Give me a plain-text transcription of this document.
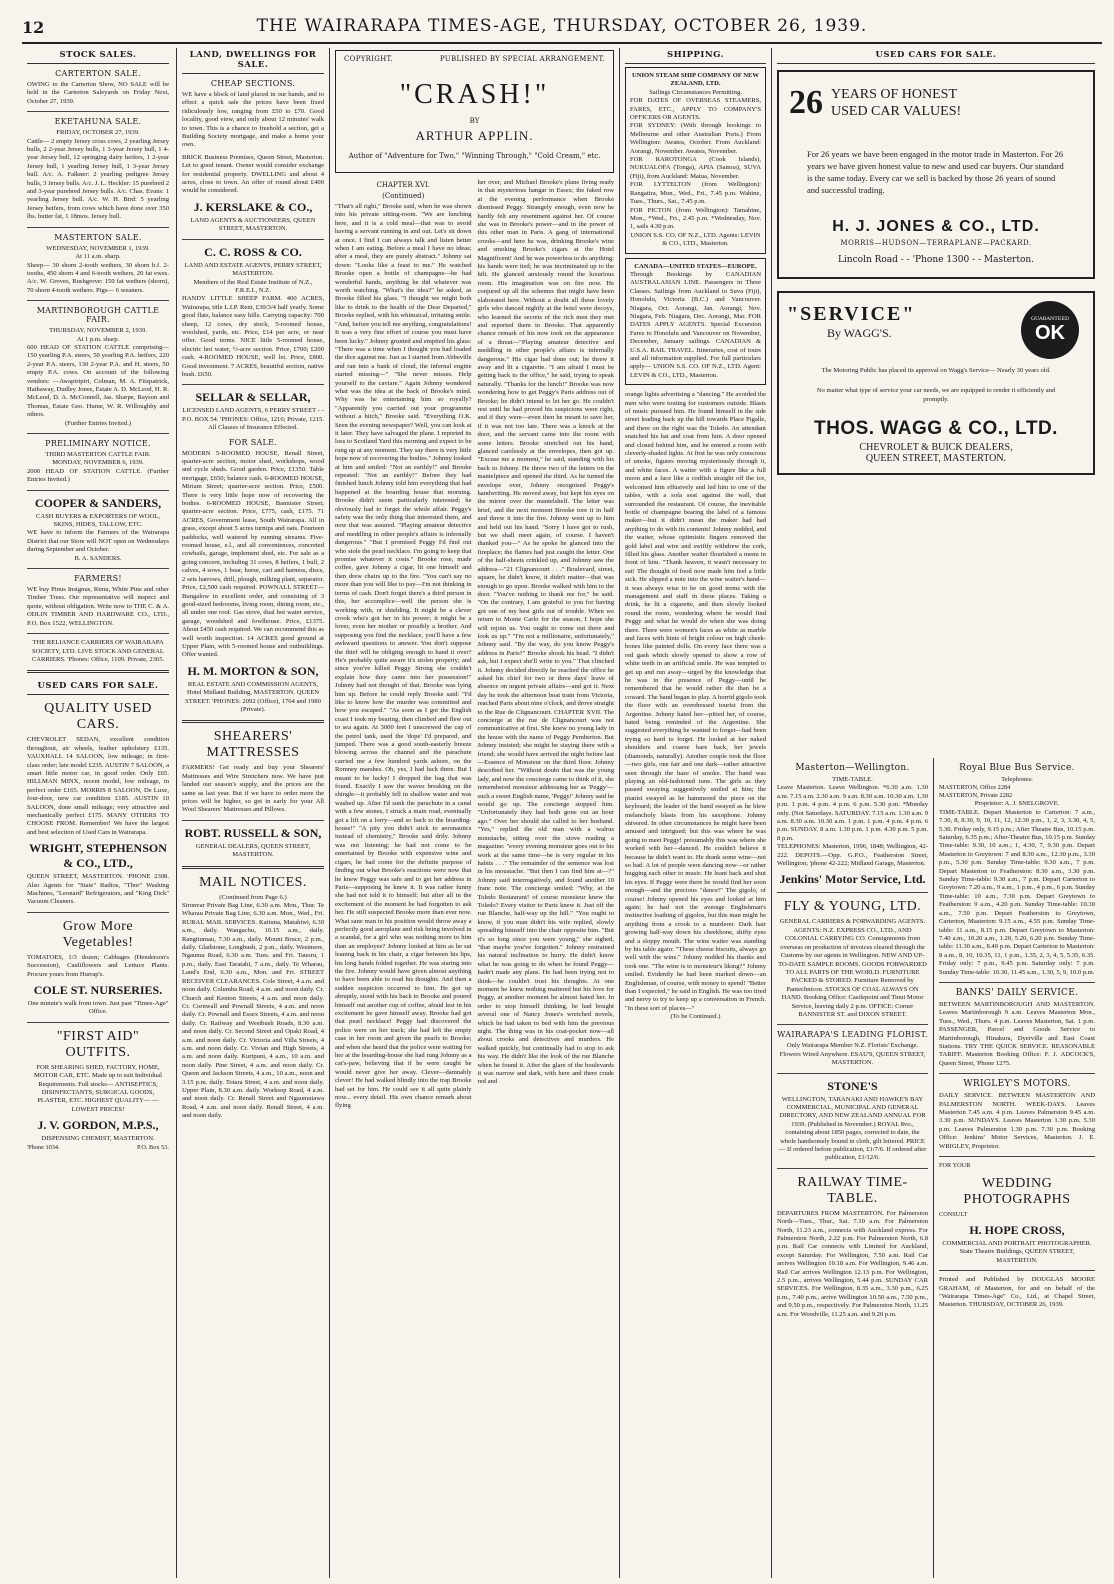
12	THE WAIRARAPA TIMES-AGE, THURSDAY, OCTOBER 26, 1939.
STOCK SALES.
CARTERTON SALE.
OWING to the Carterton Show, NO SALE will be held in the Carterton Saleyards on Friday Next, October 27, 1939.
EKETAHUNA SALE.
FRIDAY, OCTOBER 27, 1939.
Cattle— 2 empty Jersey cross cows, 2 yearling Jersey bulls, 2 2-year Jersey bulls, 1 3-year Jersey bull, 1 4-year Jersey bull, 12 springing dairy heifers, 1 2-year Jersey bull, 1 yearling Jersey bull, 1 3-year Jersey bull. A/c. A. Falkner: 2 yearling pedigree Jersey bulls, 3 Jersey bulls. A/c. J. L. Heckler: 15 purebred 2 and 3-year purebred Jersey bulls. A/c. Chas. Evans: 1 yearling Jersey bull. A/c. W. H. Bird: 5 yearling Jersey heifers, from cows which have done over 350 lbs. butter fat, 1 18mos. Jersey bull.
MASTERTON SALE.
WEDNESDAY, NOVEMBER 1, 1939.
At 11 a.m. sharp.
Sheep— 30 shorn 2-tooth wethers, 30 shorn b.f. 2-tooths, 450 shorn 4 and 6-tooth wethers, 20 fat ewes. A/c. W. Groves, Rushgrove: 150 fat wethers (shorn), 70 shorn 4-tooth wethers. Pigs— 6 weaners.
MARTINBOROUGH CATTLE FAIR.
THURSDAY, NOVEMBER 2, 1939.
At 1 p.m. sharp.
600 HEAD OF STATION CATTLE comprising— 150 yearling P.A. steers, 50 yearling P.A. heifers, 220 2-year P.A. steers, 130 2-year P.A. and H. steers, 50 empty P.A. cows. On account of the following vendors: —Awapiripiri, Colman, M. A. Fitzpatrick, Hathaway, Dudley Jones, Estate A. D. McLeod, H. R. McLeod, D. A. McConnell, Jas. Sharpe, Rayson and Thomas, Estate Geo. Hume, W. R. Willoughby and others.
(Further Entries Invited.)
PRELIMINARY NOTICE.
THIRD MASTERTON CATTLE FAIR.
MONDAY, NOVEMBER 6, 1939.
2000 HEAD OF STATION CATTLE. (Further Entries Invited.)
COOPER & SANDERS,
CASH BUYERS & EXPORTERS OF WOOL, SKINS, HIDES, TALLOW, ETC.
WE have to inform the Farmers of the Wairarapa District that our Store will NOT open on Wednesdays during September and October.
B. A. SANDERS.
FARMERS!
WE buy Pinus Insignus, Rimu, White Pine and other Timber Trees. Our representative will inspect and quote, without obligation. Write now to THE C. & A. ODLIN TIMBER AND HARDWARE CO., LTD., P.O. Box 1522, WELLINGTON.
THE RELIANCE CARRIERS OF WAIRARAPA SOCIETY, LTD. LIVE STOCK AND GENERAL CARRIERS. 'Phones: Office, 1109. Private, 2365.
USED CARS FOR SALE.
QUALITY USED CARS.
CHEVROLET SEDAN, excellent condition throughout, air wheels, leather upholstery £135. VAUXHALL 14 SALOON, low mileage; in first-class order; late model £235. AUSTIN 7 SALOON, a smart little motor car, in good order. Only £65. HILLMAN MINX, recent model, low mileage, in perfect order £165. MORRIS 8 SALOON, De Luxe, four-door, new car condition £185. AUSTIN 10 SALOON, done small mileage; very attractive and mechanically perfect £175. MANY OTHERS TO CHOOSE FROM. Remember! We have the largest and best selection of Used Cars in Wairarapa.
WRIGHT, STEPHENSON & CO., LTD.,
QUEEN STREET, MASTERTON. 'PHONE 2308. Also Agents for "State" Radios, "Thor" Washing Machines, "Leonard" Refrigerators, and "King Dick" Vacuum Cleaners.
Grow More Vegetables!
TOMATOES, 1/3 dozen; Cabbages (Henderson's Succession), Cauliflowers and Lettuce Plants. Procure yours from Hurrap's.
COLE ST. NURSERIES.
One minute's walk from town. Just past "Times-Age" Office.
"FIRST AID" OUTFITS.
FOR SHEARING SHED, FACTORY, HOME, MOTOR CAR, ETC. Made up to suit Individual Requirements. Full stocks— ANTISEPTICS, DISINFECTANTS, SURGICAL GOODS, PLASTER, ETC. HIGHEST QUALITY— —LOWEST PRICES!
J. V. GORDON, M.P.S.,
DISPENSING CHEMIST, MASTERTON.
'Phone 1034.	P.O. Box 53.
LAND, DWELLINGS FOR SALE.
CHEAP SECTIONS.
WE have a block of land placed in our hands, and to effect a quick sale the prices have been fixed ridiculously low, ranging from £50 to £70. Good locality, good view, and only about 12 minutes' walk to town. This is a chance to freehold a section, get a Building Society mortgage, and make a home your own.
BRICK Business Premises, Queen Street, Masterton. Let to good tenant. Owner would consider exchange for residential property. DWELLING and about 4 acres, close to town. An offer of round about £400 would be considered.
J. KERSLAKE & CO.,
LAND AGENTS & AUCTIONEERS, QUEEN STREET, MASTERTON.
C. C. ROSS & CO.
LAND AND ESTATE AGENTS, PERRY STREET, MASTERTON.
Members of the Real Estate Institute of N.Z., F.R.E.I., N.Z.
HANDY LITTLE SHEEP FARM. 400 ACRES, Wairarapa, title L.I.P. Rent, £30/3/4 half yearly. Some good flats, balance easy hills. Carrying capacity: 700 sheep, 12 cows, dry stock, 5-roomed house, woolshed, yards, etc. Price, £14 per acre, or near offer. Good terms. NICE little 5-roomed house, electric hot water, ½-acre section. Price, £700; £200 cash. 4-ROOMED HOUSE, well let. Price, £800. Good investment. 7 ACRES, beautiful section, native bush. £650.
SELLAR & SELLAR,
LICENSED LAND AGENTS, 6 PERRY STREET - - P.O. BOX 54. 'PHONES: Office, 1216; Private, 1215. All Classes of Insurance Effected.
FOR SALE.
MODERN 5-ROOMED HOUSE, Renall Street, quarter-acre section, motor shed, workshops, wood and cycle sheds. Good garden. Price, £1350. Table mortgage, £650; balance cash. 6-ROOMED HOUSE, Miriam Street; quarter-acre section. Price, £500. There is very little hope now of recovering the bodies. 6-ROOMED HOUSE, Bannister Street; quarter-acre section. Price, £775, cash, £175. 71 ACRES, Government lease, South Wairarapa. All in grass, except about 5 acres turnips and oats. Fourteen paddocks, well watered by running streams. Five-roomed house, e.l., and all conveniences, concreted cowbails, garage, implement shed, etc. For sale as a going concern, including 31 cows, 8 heifers, 1 bull, 2 calves, 4 sows, 1 boar, horse, cart and harness, discs, 2 sets harrows, drill, plough, milking plant, separator. Price, £2,500 cash required. POWNALL STREET—Bungalow in excellent order, and consisting of 3 good-sized bedrooms, living room, dining room, etc., all under one roof. Gas stove, dual hot water service, garage, woodshed and fowlhouse. Price, £1375. About £450 cash required. We can recommend this as well worth inspection. 14 ACRES good ground at Upper Plain, with 5-roomed house and outbuildings. Offer wanted.
H. M. MORTON & SON,
REAL ESTATE AND COMMISSION AGENTS, Hotel Midland Building, MASTERTON. QUEEN STREET. 'PHONES: 2092 (Office), 1764 and 1980 (Private).
SHEARERS' MATTRESSES
FARMERS! Get ready and buy your Shearers' Mattresses and Wire Stretchers now. We have just landed our season's supply, and the prices are the same as last year. But if we have to order more the prices will be higher, so get in early for your All Wool Shearers' Mattresses and Pillows.
ROBT. RUSSELL & SON,
GENERAL DEALERS, QUEEN STREET, MASTERTON.
MAIL NOTICES.
(Continued from Page 6.)
Stronvar Private Bag Line, 6.30 a.m. Mon., Thur. Te Wharau Private Bag Line, 6.30 a.m. Mon., Wed., Fri. RURAL MAIL SERVICES. Kaituna, Matahiwi, 6.30 a.m., daily. Wangachu, 10.15 a.m., daily. Rangitumau, 7.30 a.m., daily. Mount Bruce, 2 p.m., daily. Gladstone, Longbush, 2 p.m., daily. Westmere, Ngaumu Road, 6.30 a.m. Tues. and Fri. Tauoru, 1 p.m., daily. East Taratahi, 7 a.m., daily. Te Wharau, Land's End, 6.30 a.m., Mon. and Fri. STREET RECEIVER CLEARANCES. Cole Street, 4 a.m. and noon daily. Columba Road, 4 a.m. and noon daily. Cr. Church and Kenton Streets, 4 a.m. and noon daily. Cr. Cornwall and Pownall Streets, 4 a.m. and noon daily. Cr. Pownall and Essex Streets, 4 a.m. and noon daily. Cr. Railway and Westbush Roads, 8.30 a.m. and noon daily. Cr. Second Street and Opaki Road, 4 a.m. and noon daily. Cr. Victoria and Villa Streets, 4 a.m. and noon daily. Cr. Vivian and High Streets, 4 a.m. and noon daily. Kuripuni, 4 a.m., 10 a.m. and noon daily. Pine Street, 4 a.m. and noon daily. Cr. Queen and Jackson Streets, 4 a.m., 10 a.m., noon and 3.15 p.m. daily. Totara Street, 4 a.m. and noon daily. Upper Plain, 8.30 a.m. daily. Worksop Road, 4 a.m. and noon daily. Cr. Renall Street and Ngaumutawa Road, 4 a.m. and noon daily. Renall Street, 4 a.m. and noon daily.
COPYRIGHT.	PUBLISHED BY SPECIAL ARRANGEMENT.
"CRASH!"
BY
ARTHUR APPLIN.
Author of "Adventure for Two," "Winning Through," "Cold Cream," etc.
CHAPTER XVI.
(Continued)
"That's all right," Brooke said, when he was shown into his private sitting-room. "We are lunching here, and it is a cold meal—that was to avoid having a servant running in and out. Let's sit down at once. I find I can always talk and listen better when I am eating. Before a meal I have no ideas; after a meal, they are purely abstract." Johnny sat down: "Looks like a feast to me." He watched Brooke open a bottle of champagne—he had wonderful hands, anything he did whatever was worth watching. "What's the idea?" he asked, as Brooke filled his glass. "I thought we might both like to drink to the health of the Dear Departed," Brooke replied, with his whimsical, irritating smile. "And, before you tell me anything, congratulations! It was a very fine effort of course you must have been lucky." Johnny grunted and emptied his glass: "There was a time when I thought you had loaded the dice against me. Just as I started from Abbeville and ran into a bank of cloud, the infernal engine started missing—" "She never misses. Help yourself to the caviare." Again Johnny wondered what was the idea at the back of Brooke's mind. Why was he entertaining him so royally? "Apparently you carried out your programme without a hitch," Brooke said. "Everything O.K. Seen the evening newspaper? Well, you can look at it later. They have salvaged the plane. I reported its loss to Scotland Yard this morning and expect to be rung up at any moment. They say there is very little hope now of recovering the bodies." Johnny looked at him and smiled: "Not an earthly!" and Brooke repeated: "Not an earthly!" Before they had finished lunch Johnny told him everything that had happened at the boarding house that morning. Brooke didn't seem particularly interested; he obviously had to forget the whole affair. Peggy's safety was the only thing that interested them, and now that was assured. "Playing amateur detective and meddling in other people's affairs is infernally dangerous." "But I promised Peggy I'd find out who stole the pearl necklace. I'm going to keep that promise whatever it costs." Brooke rose, made coffee, gave Johnny a cigar, lit one himself and then drew chairs up to the fire. "You can't say no more than you will like to pay—I'm not thinking in terms of cash. Don't forget there's a third person in this, her accomplice—well the person she is working with, or shielding. It might be a clever crook who's got her in his power; it might be a lover, even her mother or possibly a brother. And supposing you find the necklace, you'll have a few awkward questions to answer. You don't suppose the thief will be obliging enough to hand it over? He's probably quite aware it's stolen property; and since you've killed Peggy Strong she couldn't explain how they came into her possession!" Johnny had not thought of that. Brooke was lying him up. Before he could reply Brooke said: "I'd like to know how the murder was committed and how you escaped." "As soon as I got the English coast I took my bearing, then climbed and flew out to sea again. At 3000 feet I unscrewed the cap of the petrol tank, used the 'dope' I'd prepared, and jumped. There was a good south-easterly breeze blowing across the channel and the parachute carried me a few hundred yards ashore, on the Romney marshes. Oh, yes, I had luck there. But I meant to be lucky! I dropped the bag that was found. Exactly I saw the waves breaking on the shingle—it probably fell in shallow water and was washed up. After I'd sunk the parachute in a canal with a few stones, I struck a main road, eventually got a lift on a lorry—and so back to the boarding-house!" "A pity you didn't stick to aeronautics instead of chemistry," Brooke said drily. Johnny was not listening; he had not come to be entertained by Brooke with expensive wine and cigars, he had come for the definite purpose of finding out what Brooke's reactions were now that he knew Peggy was safe and to get her address in Paris—supposing he knew it. It was rather funny she had not told it to himself; but after all in the excitement of the moment he had forgotten to ask her. He still suspected Brooke more than ever now. What sane man in his position would throw away a perfectly good aeroplane and risk being involved in a scandal, for a girl who was nothing more to him than an employee? Johnny looked at him as he sat leaning back in his chair, a cigar between his lips, his long hands folded together. He was staring into the fire. Johnny would have given almost anything to have been able to read his thoughts. And then a sudden suspicion occurred to him. He got up abruptly, stood with his back to Brooke and poured himself out another cup of coffee, afraid lest in his excitement he gave himself away. Brooke had got that pearl necklace! Peggy had discovered the police were on her track; she had left the empty case in her room and given the pearls to Brooke; and when she heard that the police were waiting for her at the boarding-house she had rung Johnny as a cat's-paw, believing that if he were caught he would never give her away. Clever—damnably clever! He had walked blindly into the trap Brooke had set for him. He could see it all quite plainly now... every detail. His own chance remark about flying
her over, and Michael Brooke's plane living ready in that mysterious hangar in Essex; the faked row at the evening performance when Brooke dismissed Peggy. Strangely enough, even now he hardly felt any resentment against her. Of course she was in Brooke's power—and in the power of this other man in Paris. A gang of international crooks—and here he was, drinking Brooke's wine and smoking Brooke's cigars at the Hotel Magnificent! And he was powerless to do anything; his hands were tied; he was incriminated up to the hilt. He glanced anxiously round the luxurious room. His imagination was on fire now. He conjured up all the schemes that might have been elaborated here. Without a doubt all these lovely girls who danced nightly at the hotel were decoys, who learned the secrets of the rich men they met and reported them to Brooke. That apparently chance remark of his now took on the appearance of a threat—"Playing amateur detective and meddling in other people's affairs is infernally dangerous." His cigar had done out; he threw it away and lit a cigarette. "I am afraid I must be getting back to the office," he said, trying to speak naturally. "Thanks for the lunch!" Brooke was now wondering how to get Peggy's Paris address out of Brooke; he didn't intend to let her go. He couldn't rest until he had proved his suspicions were right, and if they were—even then he meant to save her, if it was not too late. There was a knock at the door, and the servant came into the room with some letters. Brooke stretched out his hand, glanced carelessly at the envelopes, then got up. "Excuse me a moment," he said, standing with his back to Johnny. He threw two of the letters on the mantelpiece and opened the third. As he turned the envelope over, Johnny recognised Peggy's handwriting. He moved away, but kept his eyes on the mirror over the mantelshelf. The letter was brief, and the next moment Brooke tore it in half and threw it into the fire. Johnny went up to him and held out his hand. "Sorry I have got to rush, but we shall meet again, of course. I haven't thanked you—" As he spoke he glanced into the fireplace; the flames had just caught the letter. One of the half-sheets crinkled up, and Johnny saw the address—"21 Clignancourt . . ." Boulevard, street, square, he didn't know, it didn't matter—that was enough to go upon. Brooke walked with him to the door. "You've nothing to thank me for," he said. "On the contrary, I am grateful to you for having got one of my best girls out of trouble. When we return to Monte Carlo for the season, I hope she will rejoin us. You ought to come out there and look us up." "I'm not a millionaire, unfortunately," Johnny said. "By the way, do you know Peggy's address in Paris?" Brooke shook his head. "I didn't ask, but I expect she'll write to you." That clinched it. Johnny decided directly he reached the office he asked his chief for two or three days' leave of absence on urgent private affairs—and got it. Next day he took the afternoon boat train from Victoria, reached Paris about nine o'clock, and drove straight to the Rue de Clignancourt. CHAPTER XVII. The concierge at the rue de Clignancourt was not communicative at first. She knew no young lady in the house with the name of Peggy Pemberton. But Johnny insisted; she might be staying there with a friend; she would have arrived the night before last—Essence of Monsieur on the third floor. Johnny described her. "Without doubt that was the young lady, and now the concierge came to think of it, she remembered monsieur addressing her as 'Peggy'—such a sweet English name, 'Peggy!' Johnny said he would go up. The concierge stopped him. "Unfortunately they had both gone out an hour ago." Over her should she called to her husband. "Yes," replied the old man with a walrus moustache, sitting over the stove reading a magazine: "every evening monsieur goes out to his work at the same time—he is very regular in his habits . . ." The remainder of the sentence was lost in his moustache. "But then I can find him at—?" Johnny said interrogatively, and found another 10 franc note. The concierge smiled: "Why, at the Toledo Restaurant! of course monsieur knew the Toledo? Every visitor to Paris knew it. Just off the rue Blanche, half-way up the hill." "You ought to know, if you man didn't his wife replied, slowly spreading himself into the chair opposite him. "But it's so long since you were young," she sighed, "that maybe you've forgotten." Johnny restrained his natural inclination to hurry. He didn't know what he was going to do when he found Peggy—hadn't made any plans. He had been trying not to think—he couldn't trust his thoughts. At one moment he knew nothing mattered but his love for Peggy, at another moment he almost hated her. In order to stop himself thinking, he had bought several one of Nancy Jones's wretched novels, which he had taken to bed with him the previous night. The thing was in his coat-pocket now—all about crooks and detectives and murders. He walked quickly, but continually had to stop to ask his way. He didn't like the look of the rue Blanche when he found it. After the glare of the boulevards it was narrow and dark, with here and there crude red and
SHIPPING.
UNION STEAM SHIP COMPANY OF NEW ZEALAND, LTD.
Sailings Circumstances Permitting.
FOR DATES OF OVERSEAS STEAMERS, FARES, ETC., APPLY TO COMPANY'S OFFICERS OR AGENTS.
FOR SYDNEY: (With through bookings to Melbourne and other Australian Ports.) From Wellington: Awatea, October. From Auckland: Aorangi, November. Awatea, November.
FOR RAROTONGA (Cook Islands), NUKUALOFA (Tonga), APIA (Samoa), SUVA (Fiji), from Auckland: Matua, November.
FOR LYTTELTON (from Wellington): Rangatira, Mon., Wed., Fri., 7.45 p.m. Wahine, Tues., Thurs., Sat., 7.45 p.m.
FOR PICTON (from Wellington): Tamahine, Mon., *Wed., Fri., 2.45 p.m. *Wednesday, Nov. 1, sails 4.30 p.m.
UNION S.S. CO. OF N.Z., LTD. Agents: LEVIN & CO., LTD., Masterton.
CANADA—UNITED STATES—EUROPE.
Through Bookings by CANADIAN AUSTRALASIAN LINE. Passengers in Three Classes. Sailings from Auckland to Suva (Fiji), Honolulu, Victoria (B.C.) and Vancouver. Niagara, Oct. Aorangi, Jan. Aorangi, Nov. Niagara, Feb. Niagara, Dec. Aorangi, Mar. FOR DATES APPLY AGENTS. Special Excursion Fares to Honolulu and Vancouver on November, December, January sailings. CANADIAN & U.S.A. RAIL TRAVEL. Itineraries, cost of tours and all information supplied. For full particulars apply— UNION S.S. CO. OF N.Z., LTD. Agent: LEVIN & CO., LTD., Masterton.
orange lights advertising a "dancing." He avoided the men who were touting for customers outside. Blasts of music pursued him. He found himself in the side street leading back up the hill towards Place Pigalle, and there on the right was the Toledo. An attendant snatched his hat and coat from him. A door opened and closed behind him, and he entered a room with cleverly-shaded lights. At first he was only conscious of smoke, figures moving mysteriously through it, and white faces. A waiter with a figure like a full moon and a face like a codfish straight off the ice, welcomed him effusively and led him to one of the tables, with a sofa seat against the wall, that surrounded the restaurant. Of course, the inevitable bottle of champagne bearing the label of a famous maker—but it didn't mean the maker had had anything to do with its contents! Johnny nodded, and the waiter, whose optimistic fingers removed the gold label and wire and swiftly withdrew the cork, filled his glass. Another waiter flourished a menu in front of him. "Thank heaven, it wasn't necessary to eat! The thought of food now made him feel a little sick. He slipped a note into the wine waiter's hand—it was always wise to be on good terms with the management and staff in these places. Taking a drink, he lit a cigarette, and then slowly looked round the room, wondering where he would find Peggy and what he would do when she was doing there. There were women's faces as white as marble and faces with hints of bright colour on high cheek-bones like painted dolls. On every face there was a red gash which slowly opened to show a row of white teeth in an artificial smile. He was tempted to get up and run away—urged by the knowledge that he was in the presence of Peggy—until he remembered that he would rather die than be a coward. The band began to play. A horrid gigolo took the floor with an overdressed tourist from the Argentine. Johnny hated her—pitied her, of course, hated being reminded of the Argentine. She suggested everything he wanted to forget—had been trying so hard to forget. He looked at her naked shoulders and coarse bare back, her jewels (diamonds, naturally). Another couple took the floor—two girls, one fair and one dark—rather attractive seen through the haze of smoke. The band was playing an old-fashioned tune. The girls as they passed swaying suggestively smiled at him; the pianist swayed as he hammered the piece on the keyboard; the leader of the band swayed as he blew melancholy blasts from his saxophone. Johnny shivered. In other circumstances he might have been amused and intrigued; but this was where he was going to meet Peggy! presumably this was where she worked with her—danced. He couldn't believe it because he didn't want to. He drank some wine—not so bad. A lot of people were dancing now—or rather hugging each other to music. He leant back and shut his eyes. If Peggy were there he would find her soon enough—and the precious "dance!" The gigolo, of course! Johnny opened his eyes and looked at him again; he had not the average Englishman's instinctive loathing of gigolos, but this man might be anything from a crook to a murderer. Dark hair growing half-way down his cheekbone, shifty eyes and a sloppy mouth. The wine waiter was standing by his table again: "These cheese biscuits, always go well with the wine." Johnny nodded his thanks and took one. "The wine is to monsieur's liking?" Johnny smiled. Evidently he had been marked down—an Englishman, of course, with money to spend! "Better than I expected," he said in English. He was too tired and nervy to try to keep up a conversation in French. "In these sort of places—"
(To be Continued.)
Masterton—Wellington.
TIME-TABLE.
Leave Masterton. Leave Wellington. *6.30 a.m. 1.30 a.m. 7.15 a.m. 2.30 a.m. 9 a.m. 8.30 a.m. 10.30 a.m. 1.30 p.m. 1 p.m. 4 p.m. 4 p.m. 6 p.m. 5.30 p.m. *Monday only. (Not Saturdays. SATURDAY. 7.15 a.m. 1.30 a.m. 9 a.m. 8.30 a.m. 10.30 a.m. 1 p.m. 1 p.m. 4 p.m. 4 p.m. 6 p.m. SUNDAY. 8 a.m. 1.30 p.m. 1 p.m. 4.30 p.m. 5 p.m. 8 p.m.
TELEPHONES: Masterton, 1996, 1848; Wellington, 42-222. DEPOTS.—Opp. G.P.O., Featherston Street, Wellington; 'phone 42-222; Midland Garage, Masterton.
Jenkins' Motor Service, Ltd.
FLY & YOUNG, LTD.
GENERAL CARRIERS & FORWARDING AGENTS. AGENTS: N.Z. EXPRESS CO., LTD., AND COLONIAL CARRYING CO. Consignments from overseas on production of invoices cleared through the Customs by our agents in Wellington. NEW AND UP-TO-DATE SAMPLE ROOMS. GOODS FORWARDED TO ALL PARTS OF THE WORLD. FURNITURE PACKED & STORED. Furniture Removed by Pantechnicon. STOCKS OF COAL ALWAYS ON HAND. Booking Office: Castlepoint and Tinui Motor Service, leaving daily 2 p.m. OFFICE: Corner BANNISTER ST. and DIXON STREET.
WAIRARAPA'S LEADING FLORIST.
Only Wairarapa Member N.Z. Florists' Exchange. Flowers Wired Anywhere. ESAU'S, QUEEN STREET, MASTERTON.
STONE'S
WELLINGTON, TARANAKI AND HAWKE'S BAY COMMERCIAL, MUNICIPAL AND GENERAL DIRECTORY, AND NEW ZEALAND ANNUAL FOR 1939. (Published in November.) ROYAL 8vo., containing about 1850 pages, corrected to date, the whole handsomely bound in cloth, gilt lettered. PRICE— If ordered before publication, £1/7/6. If ordered after publication, £1/12/6.
RAILWAY TIME-TABLE.
DEPARTURES FROM MASTERTON. For Palmerston North—Tues., Thur., Sat. 7.10 a.m. For Palmerston North, 11.23 a.m., connects with Auckland express. For Palmerston North, 2.22 p.m. For Palmerston North, 6.8 p.m. Rail Car connects with Limited for Auckland, except Saturday. For Wellington, 7.50 a.m. Rail Car arrives Wellington 10.18 a.m. For Wellington, 9.46 a.m. Rail Car arrives Wellington 12.13 p.m. For Wellington, 2.5 p.m., arrives Wellington, 5.44 p.m. SUNDAY CAR SERVICES. For Wellington, 8.35 a.m., 3.30 p.m., 6.25 p.m., 7.40 p.m., arrive Wellington 10.50 a.m., 7.50 p.m., and 9.50 p.m., respectively. For Palmerston North, 11.25 a.m. For Woodville, 11.25 a.m. and 9.20 p.m.
USED CARS FOR SALE.
26 YEARS OF HONEST
USED CAR VALUES!
For 26 years we have been engaged in the motor trade in Masterton. For 26 years we have given honest value to new and used car buyers. Our standard is the same today. Every car we sell is backed by those 26 years of sound and successful trading.
H. J. JONES & CO., LTD.
MORRIS—HUDSON—TERRAPLANE—PACKARD.
Lincoln Road - - 'Phone 1300 - - Masterton.
"SERVICE"
By WAGG'S.
GUARANTEED
OK
The Motoring Public has placed its approval on Wagg's Service— Nearly 30 years old.
No matter what type of service your car needs, we are equipped to render it efficiently and promptly.
THOS. WAGG & CO., LTD.
CHEVROLET & BUICK DEALERS,
QUEEN STREET, MASTERTON.
Royal Blue Bus Service.
Telephones:
MASTERTON, Office 2284
MASTERTON, Private 2282
Proprietor: A. J. SNELGROVE.
TIME-TABLE. Depart Masterton to Carterton: 7 a.m., 7.30, 8, 8.30, 9, 10, 11, 12, 12.30 p.m., 1, 2, 3, 3.30, 4, 5, 5.30. Friday only, 9.15 p.m.; After Theatre Bus, 10.15 p.m. Saturday, 6.35 p.m.; After-Theatre Bus, 10.15 p.m. Sunday Time-table: 9.30, 10 a.m.; 1, 4.30, 7, 9.30 p.m. Depart Masterton to Greytown: 7 and 8.30 a.m., 12.30 p.m., 3.30 p.m., 5.30 p.m. Sunday Time-table: 9.30 a.m., 7 p.m. Depart Masterton to Featherston: 8.30 a.m., 3.30 p.m. Sunday Time-table: 9.30 a.m., 7 p.m. Depart Carterton to Greytown: 7.20 a.m., 9 a.m., 1 p.m., 4 p.m., 6 p.m. Sunday Time-table: 10 a.m., 7.30 p.m. Depart Greytown to Featherston: 9 a.m., 4.20 p.m. Sunday Time-table: 10.30 a.m., 7.50 p.m. Depart Featherston to Greytown, Carterton, Masterton: 9.15 a.m., 4.55 p.m. Sunday Time-table: 11 a.m., 8.15 p.m. Depart Greytown to Masterton: 7.40 a.m., 10.20 a.m., 1.20, 5.20, 6.20 p.m. Sunday Time-table: 11.30 a.m., 8.40 p.m. Depart Carterton to Masterton: 8 a.m., 8, 10, 10.35, 11, 1 p.m., 1.35, 2, 3, 4, 5, 5.35, 6.35. Friday only: 7 p.m., 9.45 p.m. Saturday only: 7 p.m. Sunday Time-table: 10.30, 11.45 a.m., 1.30, 5, 9, 10.0 p.m.
BANKS' DAILY SERVICE.
BETWEEN MARTINBOROUGH AND MASTERTON. Leaves Martinborough 9 a.m. Leaves Masterton Mon., Tues., Wed., Thurs. 4 p.m. Leaves Masterton, Sat. 1 p.m. PASSENGER, Parcel and Goods Service to Martinborough, Hinakura, Dyerville and East Coast Stations. TRY THE QUICK SERVICE. REASONABLE TARIFF. Masterton Booking Office: F. J. ADCOCK'S, Queen Street, 'Phone 1275.
WRIGLEY'S MOTORS.
DAILY SERVICE. BETWEEN MASTERTON AND PALMERSTON NORTH. WEEK-DAYS. Leaves Masterton 7.45 a.m. 4 p.m. Leaves Palmerston 9.45 a.m. 3.30 p.m. SUNDAYS. Leaves Masterton 1.30 p.m. 5.30 p.m. Leaves Palmerston 1.30 p.m. 7.30 p.m. Booking Office: Jenkins' Motor Services, Masterton. J. E. WRIGLEY, Proprietor.
FOR YOUR
WEDDING PHOTOGRAPHS
CONSULT
H. HOPE CROSS,
COMMERCIAL AND PORTRAIT PHOTOGRAPHER. State Theatre Buildings, QUEEN STREET, MASTERTON.
Printed and Published by DOUGLAS MOORE GRAHAM, of Masterton, for and on behalf of the "Wairarapa Times-Age" Co., Ltd., at Chapel Street, Masterton. THURSDAY, OCTOBER 26, 1939.
